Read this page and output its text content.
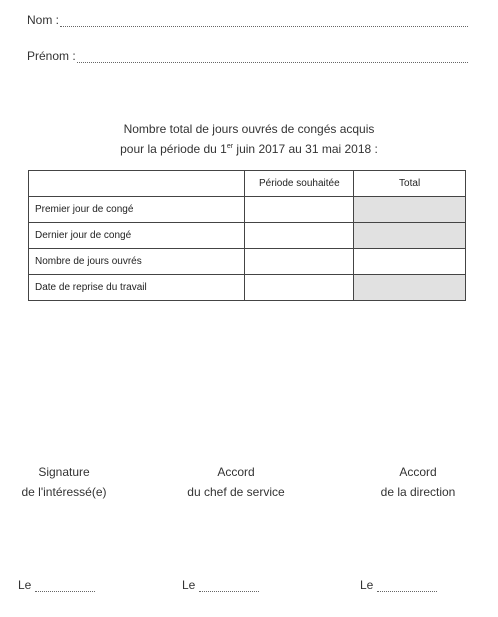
Nom :
Prénom :
Nombre total de jours ouvrés de congés acquis
pour la période du 1er juin 2017 au 31 mai 2018 :
	Période souhaitée	Total
Premier jour de congé		
Dernier jour de congé		
Nombre de jours ouvrés		
Date de reprise du travail		
Signature
de l'intéressé(e)
Accord
du chef de service
Accord
de la direction
Le	Le	Le
